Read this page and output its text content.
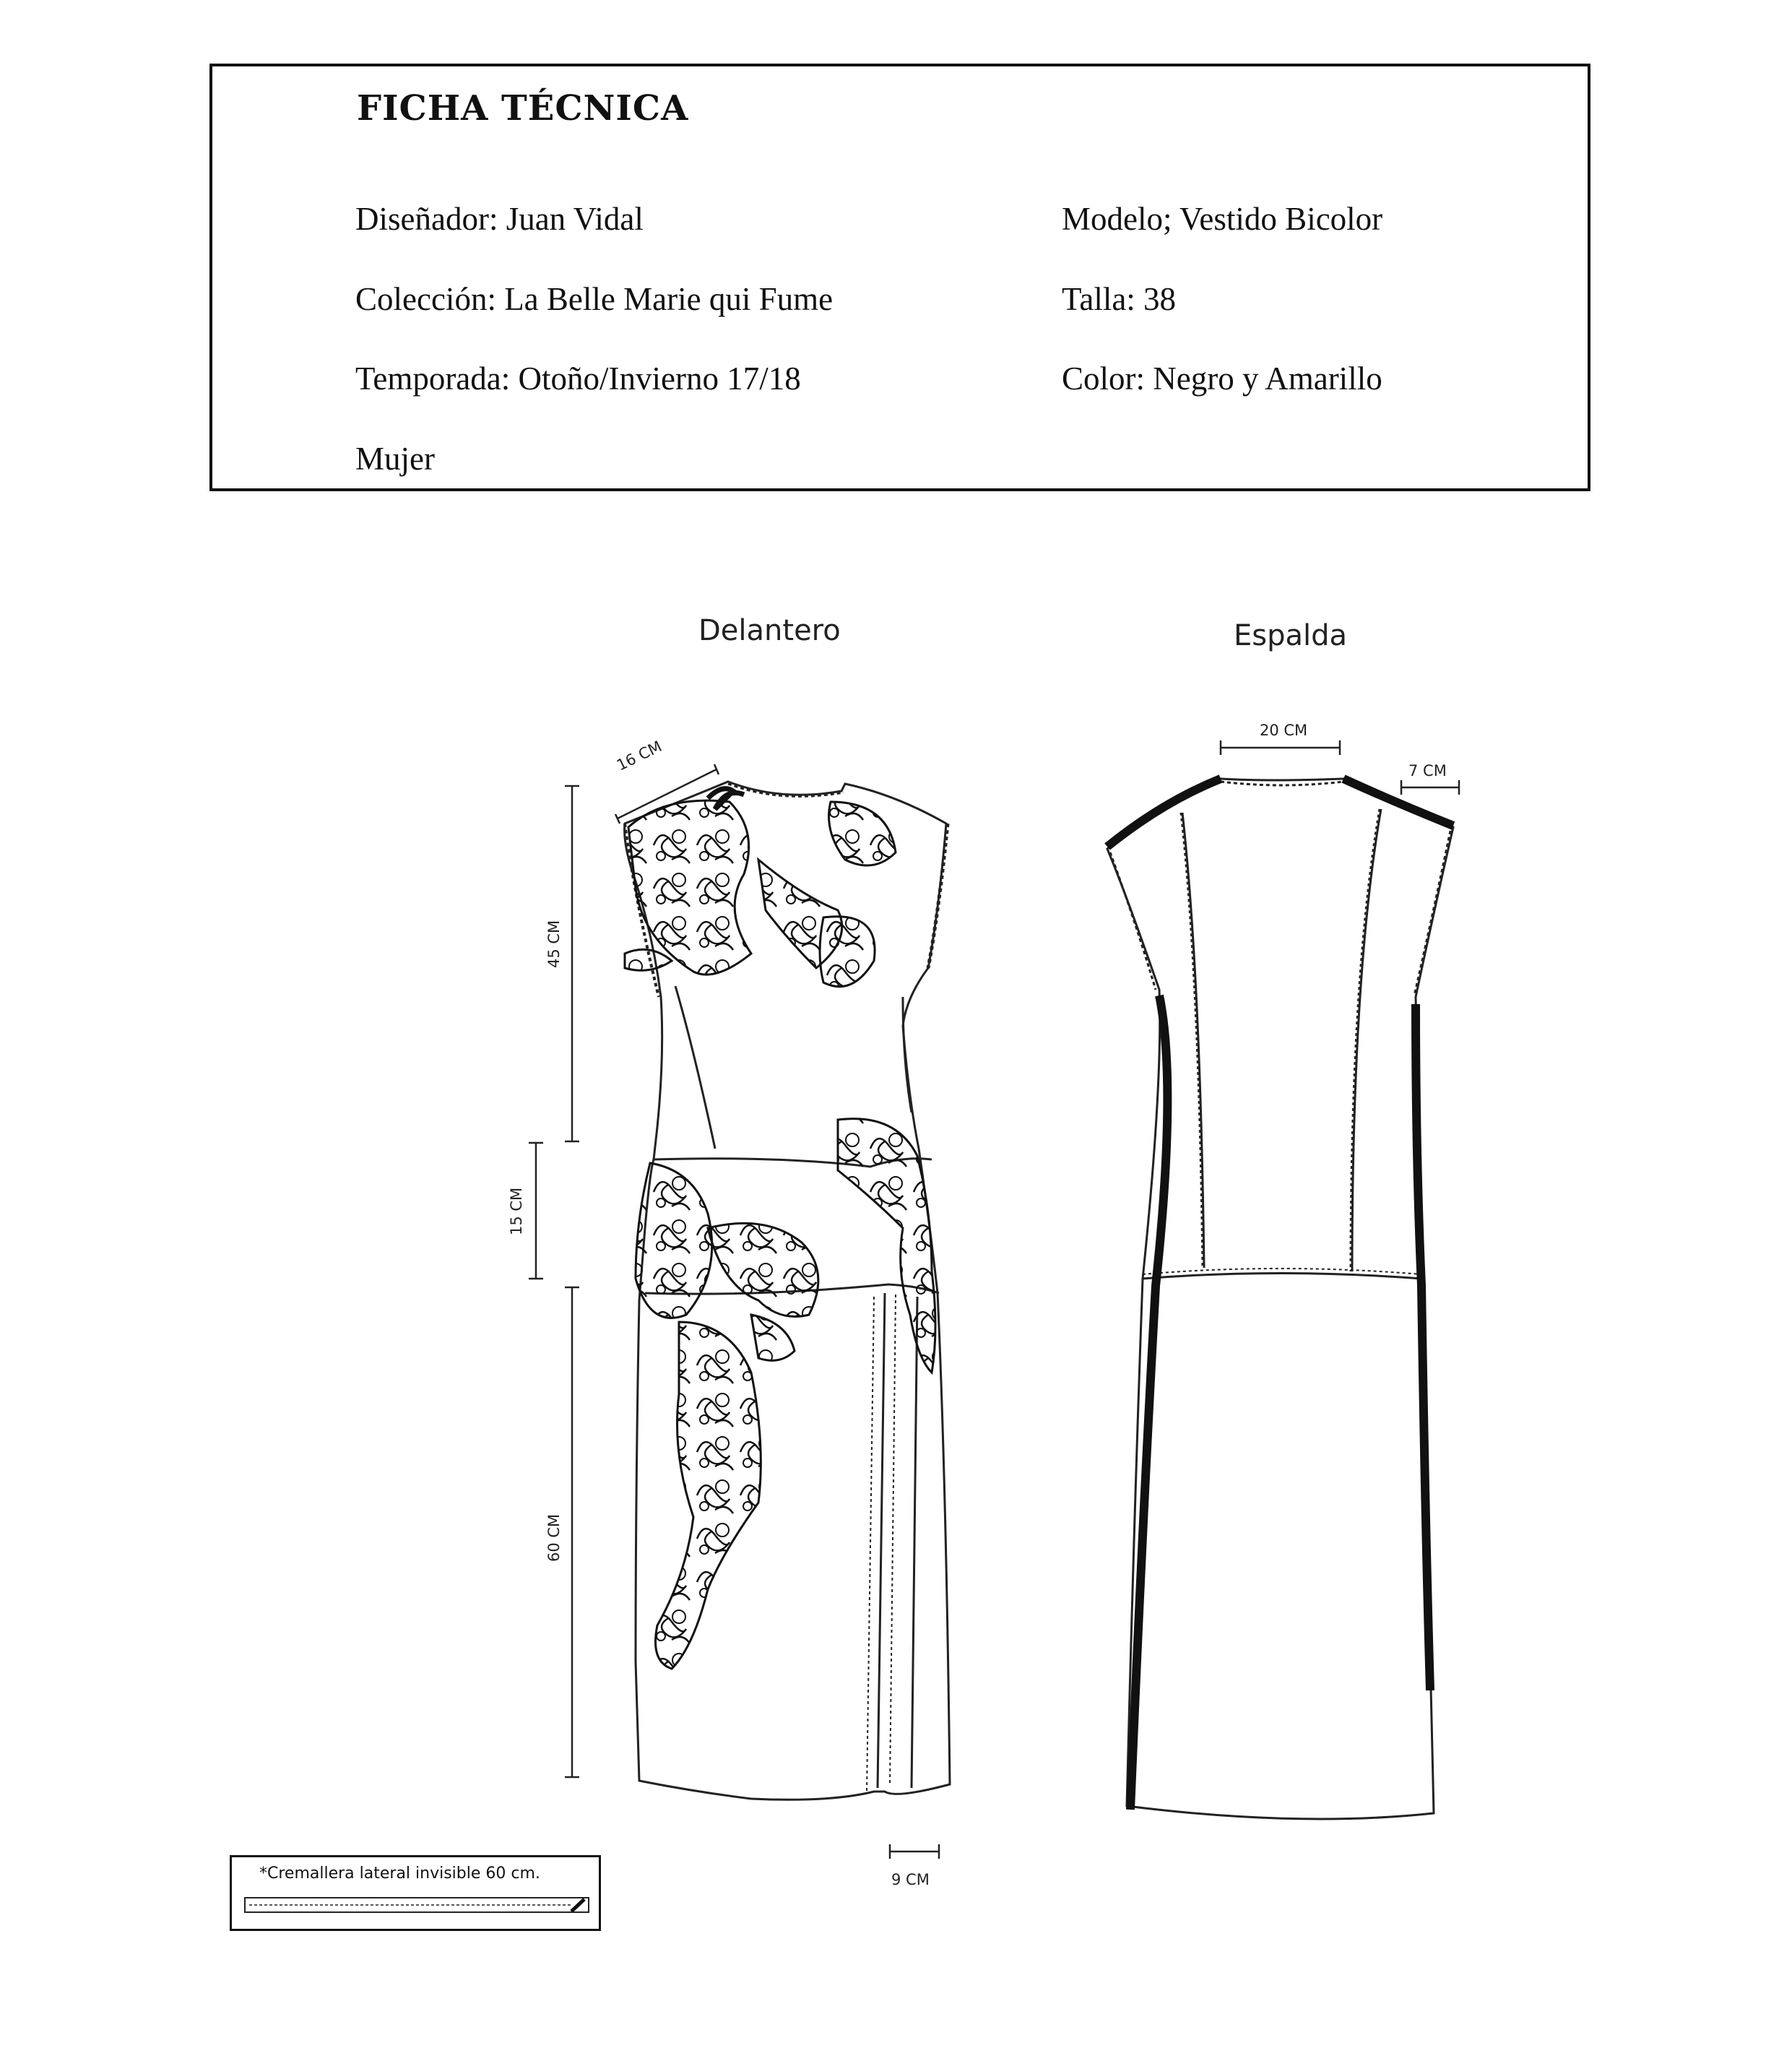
FICHA TÉCNICA
Diseñador: Juan Vidal
Colección: La Belle Marie qui Fume
Temporada: Otoño/Invierno 17/18
Mujer
Modelo; Vestido Bicolor
Talla: 38
Color: Negro y Amarillo
Delantero	Espalda
16 CM
45 CM
15 CM
60 CM
9 CM
20 CM
7 CM
*Cremallera lateral invisible 60 cm.
